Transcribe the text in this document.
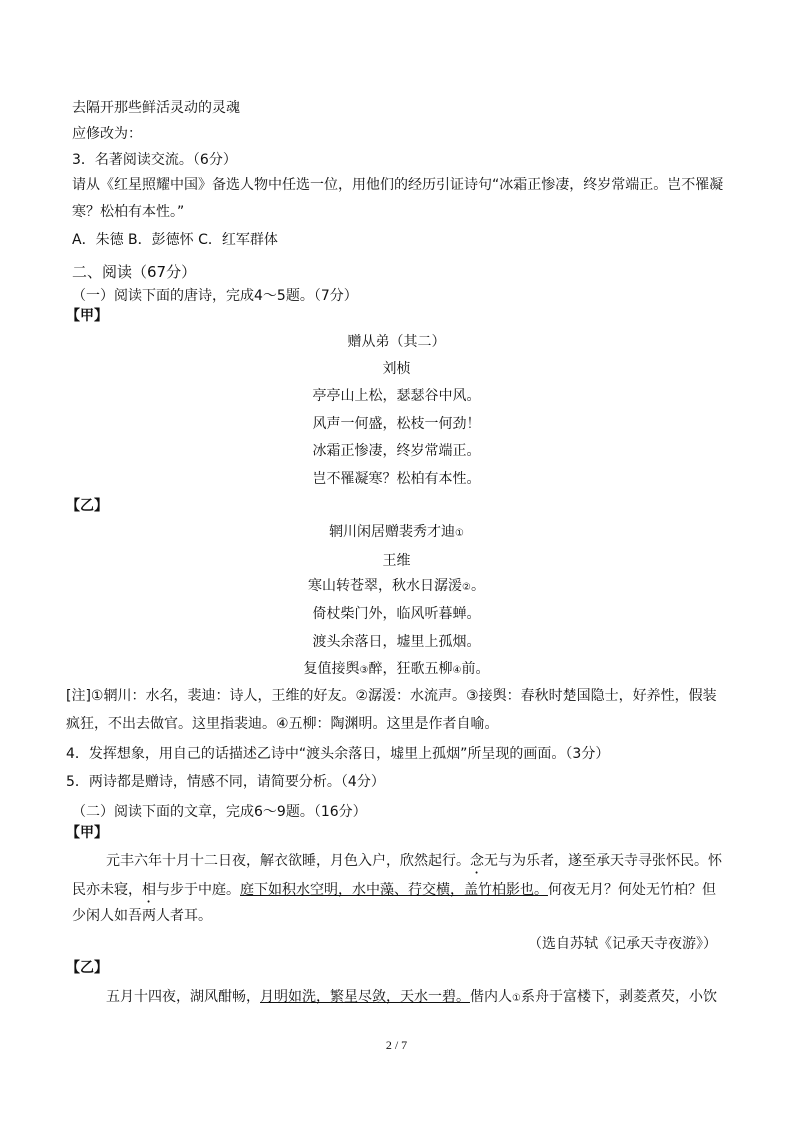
去隔开那些鲜活灵动的灵魂
应修改为：
3．名著阅读交流。（6分）
请从《红星照耀中国》备选人物中任选一位，用他们的经历引证诗句“冰霜正惨凄，终岁常端正。岂不罹凝
寒？松柏有本性。”
A．朱德 B．彭德怀 C．红军群体
二、阅读（67分）
（一）阅读下面的唐诗，完成4～5题。（7分）
【甲】
赠从弟（其二）
刘桢
亭亭山上松，瑟瑟谷中风。
风声一何盛，松枝一何劲！
冰霜正惨凄，终岁常端正。
岂不罹凝寒？松柏有本性。
【乙】
辋川闲居赠裴秀才迪①
王维
寒山转苍翠，秋水日潺湲②。
倚杖柴门外，临风听暮蝉。
渡头余落日，墟里上孤烟。
复值接舆③醉，狂歌五柳④前。
[注]①辋川：水名，裴迪：诗人，王维的好友。②潺湲：水流声。③接舆：春秋时楚国隐士，好养性，假装
疯狂，不出去做官。这里指裴迪。④五柳：陶渊明。这里是作者自喻。
4．发挥想象，用自己的话描述乙诗中“渡头余落日，墟里上孤烟”所呈现的画面。（3分）
5．两诗都是赠诗，情感不同，请简要分析。（4分）
（二）阅读下面的文章，完成6～9题。（16分）
【甲】
元丰六年十月十二日夜，解衣欲睡，月色入户，欣然起行。念无与为乐者，遂至承天寺寻张怀民。怀
民亦未寝，相与步于中庭。庭下如积水空明，水中藻、荇交横，盖竹柏影也。何夜无月？何处无竹柏？但
少闲人如吾两人者耳。
（选自苏轼《记承天寺夜游》）
【乙】
五月十四夜，湖风酣畅，月明如洗，繁星尽敛，天水一碧。偕内人①系舟于富楼下，剥菱煮芡，小饮
2 / 7
